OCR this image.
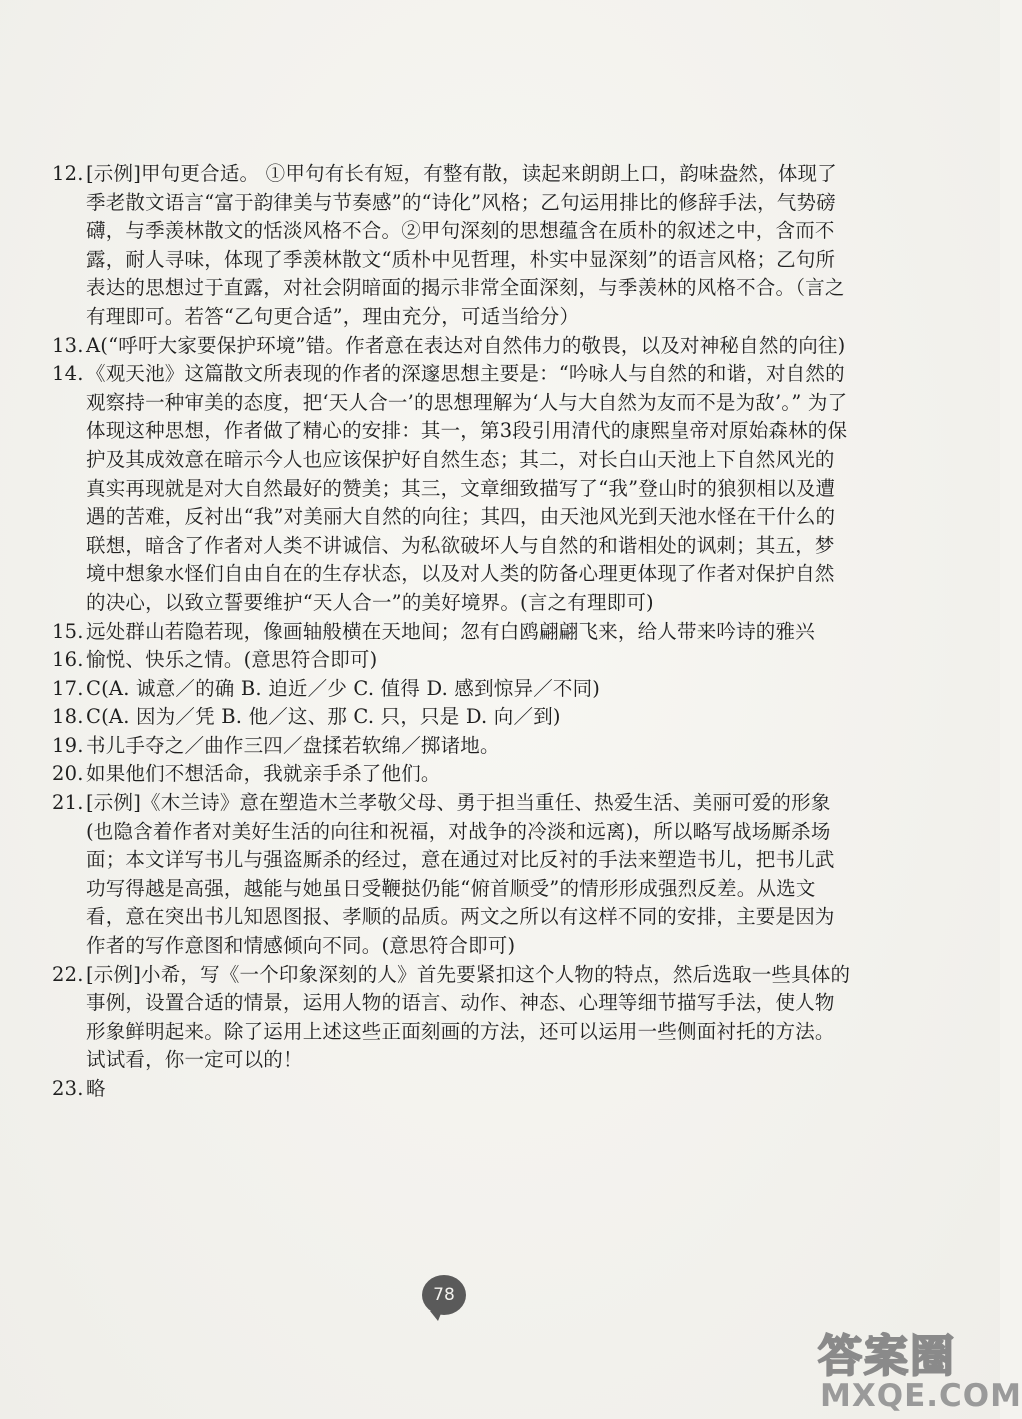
12. [示例]甲句更合适。 ①甲句有长有短，有整有散，读起来朗朗上口，韵味盎然，体现了季老散文语言“富于韵律美与节奏感”的“诗化”风格；乙句运用排比的修辞手法，气势磅礴，与季羡林散文的恬淡风格不合。②甲句深刻的思想蕴含在质朴的叙述之中，含而不露，耐人寻味，体现了季羡林散文“质朴中见哲理，朴实中显深刻”的语言风格；乙句所表达的思想过于直露，对社会阴暗面的揭示非常全面深刻，与季羡林的风格不合。（言之有理即可。若答“乙句更合适”，理由充分，可适当给分）

13. A(“呼吁大家要保护环境”错。作者意在表达对自然伟力的敬畏，以及对神秘自然的向往)

14. 《观天池》这篇散文所表现的作者的深邃思想主要是：“吟咏人与自然的和谐，对自然的观察持一种审美的态度，把‘天人合一’的思想理解为‘人与大自然为友而不是为敌’。” 为了体现这种思想，作者做了精心的安排：其一，第3段引用清代的康熙皇帝对原始森林的保护及其成效意在暗示今人也应该保护好自然生态；其二，对长白山天池上下自然风光的真实再现就是对大自然最好的赞美；其三，文章细致描写了“我”登山时的狼狈相以及遭遇的苦难，反衬出“我”对美丽大自然的向往；其四，由天池风光到天池水怪在干什么的联想，暗含了作者对人类不讲诚信、为私欲破坏人与自然的和谐相处的讽刺；其五，梦境中想象水怪们自由自在的生存状态，以及对人类的防备心理更体现了作者对保护自然的决心，以致立誓要维护“天人合一”的美好境界。(言之有理即可)

15. 远处群山若隐若现，像画轴般横在天地间；忽有白鸥翩翩飞来，给人带来吟诗的雅兴

16. 愉悦、快乐之情。(意思符合即可)

17. C(A. 诚意／的确 B. 迫近／少 C. 值得 D. 感到惊异／不同)

18. C(A. 因为／凭 B. 他／这、那 C. 只，只是 D. 向／到)

19. 书儿手夺之／曲作三四／盘揉若软绵／掷诸地。

20. 如果他们不想活命，我就亲手杀了他们。

21. [示例]《木兰诗》意在塑造木兰孝敬父母、勇于担当重任、热爱生活、美丽可爱的形象(也隐含着作者对美好生活的向往和祝福，对战争的冷淡和远离)，所以略写战场厮杀场面；本文详写书儿与强盗厮杀的经过，意在通过对比反衬的手法来塑造书儿，把书儿武功写得越是高强，越能与她虽日受鞭挞仍能“俯首顺受”的情形形成强烈反差。从选文看，意在突出书儿知恩图报、孝顺的品质。两文之所以有这样不同的安排，主要是因为作者的写作意图和情感倾向不同。(意思符合即可)

22. [示例]小希，写《一个印象深刻的人》首先要紧扣这个人物的特点，然后选取一些具体的事例，设置合适的情景，运用人物的语言、动作、神态、心理等细节描写手法，使人物形象鲜明起来。除了运用上述这些正面刻画的方法，还可以运用一些侧面衬托的方法。试试看，你一定可以的！

23. 略

78
答案圈
MXQE.COM
